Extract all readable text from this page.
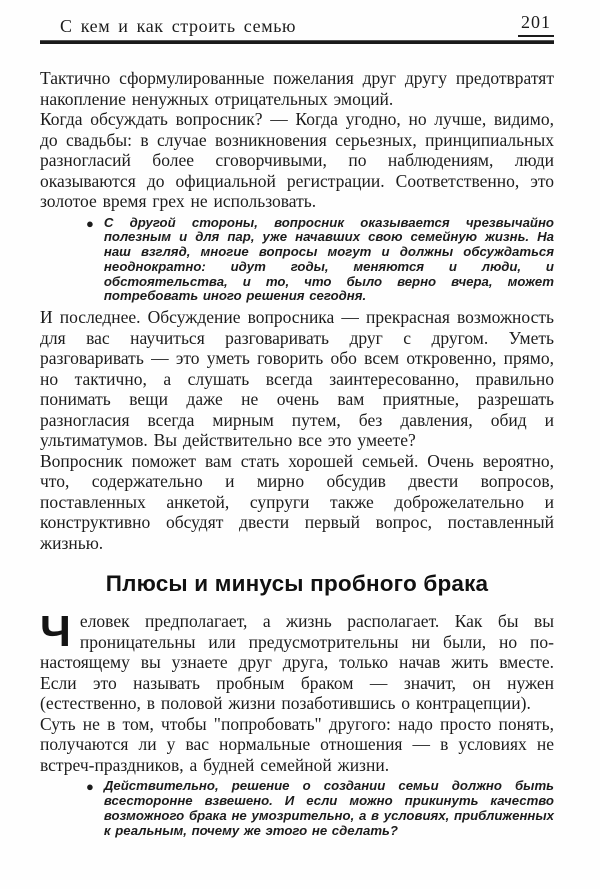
С кем и как строить семью	201

Тактично сформулированные пожелания друг другу предотвратят накопление ненужных отрицательных эмоций.

Когда обсуждать вопросник? — Когда угодно, но лучше, видимо, до свадьбы: в случае возникновения серьезных, принципиальных разногласий более сговорчивыми, по наблюдениям, люди оказываются до официальной регистрации. Соответственно, это золотое время грех не использовать.

● С другой стороны, вопросник оказывается чрезвычайно полезным и для пар, уже начавших свою семейную жизнь. На наш взгляд, многие вопросы могут и должны обсуждаться неоднократно: идут годы, меняются и люди, и обстоятельства, и то, что было верно вчера, может потребовать иного решения сегодня.

И последнее. Обсуждение вопросника — прекрасная возможность для вас научиться разговаривать друг с другом. Уметь разговаривать — это уметь говорить обо всем откровенно, прямо, но тактично, а слушать всегда заинтересованно, правильно понимать вещи даже не очень вам приятные, разрешать разногласия всегда мирным путем, без давления, обид и ультиматумов. Вы действительно все это умеете?

Вопросник поможет вам стать хорошей семьей. Очень вероятно, что, содержательно и мирно обсудив двести вопросов, поставленных анкетой, супруги также доброжелательно и конструктивно обсудят двести первый вопрос, поставленный жизнью.

Плюсы и минусы пробного брака

Человек предполагает, а жизнь располагает. Как бы вы проницательны или предусмотрительны ни были, но по-настоящему вы узнаете друг друга, только начав жить вместе. Если это называть пробным браком — значит, он нужен (естественно, в половой жизни позаботившись о контрацепции).

Суть не в том, чтобы "попробовать" другого: надо просто понять, получаются ли у вас нормальные отношения — в условиях не встреч-праздников, а будней семейной жизни.

● Действительно, решение о создании семьи должно быть всесторонне взвешено. И если можно прикинуть качество возможного брака не умозрительно, а в условиях, приближенных к реальным, почему же этого не сделать?
